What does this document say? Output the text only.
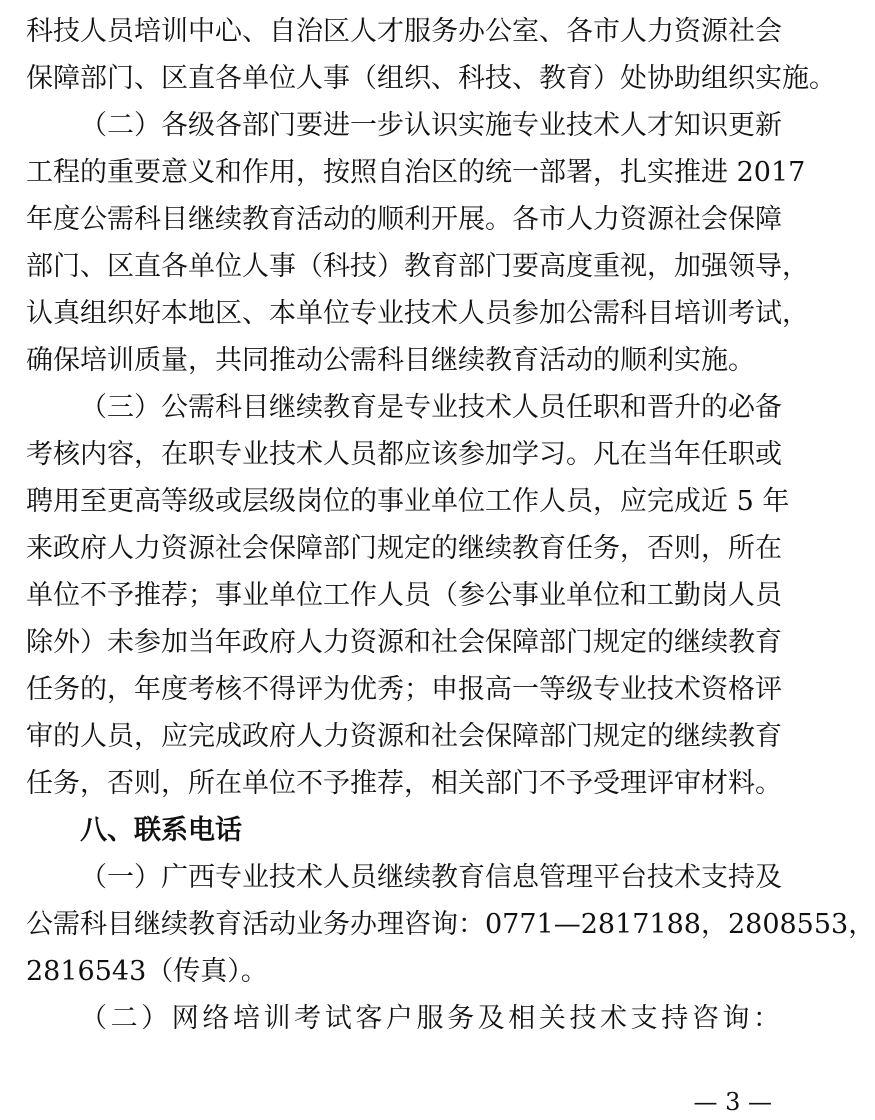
科技人员培训中心、自治区人才服务办公室、各市人力资源社会
保障部门、区直各单位人事（组织、科技、教育）处协助组织实施。
（二）各级各部门要进一步认识实施专业技术人才知识更新
工程的重要意义和作用，按照自治区的统一部署，扎实推进 2017
年度公需科目继续教育活动的顺利开展。各市人力资源社会保障
部门、区直各单位人事（科技）教育部门要高度重视，加强领导，
认真组织好本地区、本单位专业技术人员参加公需科目培训考试，
确保培训质量，共同推动公需科目继续教育活动的顺利实施。
（三）公需科目继续教育是专业技术人员任职和晋升的必备
考核内容，在职专业技术人员都应该参加学习。凡在当年任职或
聘用至更高等级或层级岗位的事业单位工作人员，应完成近 5 年
来政府人力资源社会保障部门规定的继续教育任务，否则，所在
单位不予推荐；事业单位工作人员（参公事业单位和工勤岗人员
除外）未参加当年政府人力资源和社会保障部门规定的继续教育
任务的，年度考核不得评为优秀；申报高一等级专业技术资格评
审的人员，应完成政府人力资源和社会保障部门规定的继续教育
任务，否则，所在单位不予推荐，相关部门不予受理评审材料。
八、联系电话
（一）广西专业技术人员继续教育信息管理平台技术支持及
公需科目继续教育活动业务办理咨询：0771—2817188，2808553，
2816543（传真）。
（二）网络培训考试客户服务及相关技术支持咨询：
— 3 —
